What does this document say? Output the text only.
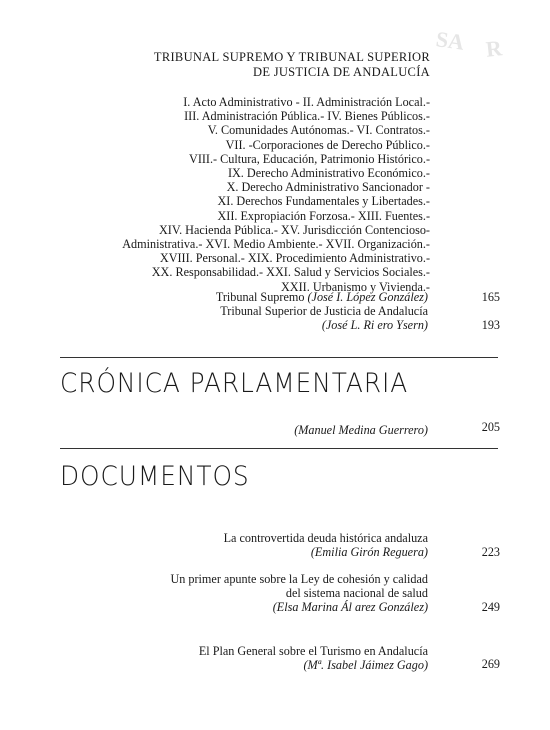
SA R
TRIBUNAL SUPREMO Y TRIBUNAL SUPERIOR
DE JUSTICIA DE ANDALUCÍA
I. Acto Administrativo - II. Administración Local.-
III. Administración Pública.- IV. Bienes Públicos.-
V. Comunidades Autónomas.- VI. Contratos.-
VII. -Corporaciones de Derecho Público.-
VIII.- Cultura, Educación, Patrimonio Histórico.-
IX. Derecho Administrativo Económico.-
X. Derecho Administrativo Sancionador -
XI. Derechos Fundamentales y Libertades.-
XII. Expropiación Forzosa.- XIII. Fuentes.-
XIV. Hacienda Pública.- XV. Jurisdicción Contencioso-
Administrativa.- XVI. Medio Ambiente.- XVII. Organización.-
XVIII. Personal.- XIX. Procedimiento Administrativo.-
XX. Responsabilidad.- XXI. Salud y Servicios Sociales.-
XXII. Urbanismo y Vivienda.-
Tribunal Supremo (José I. López González)	165
Tribunal Superior de Justicia de Andalucía
(José L. Ri ero Ysern)	193
CRÓNICA PARLAMENTARIA
(Manuel Medina Guerrero)	205
DOCUMENTOS
La controvertida deuda histórica andaluza
(Emilia Girón Reguera)	223
Un primer apunte sobre la Ley de cohesión y calidad
del sistema nacional de salud
(Elsa Marina Ál arez González)	249
El Plan General sobre el Turismo en Andalucía
(Mª. Isabel Jáimez Gago)	269
